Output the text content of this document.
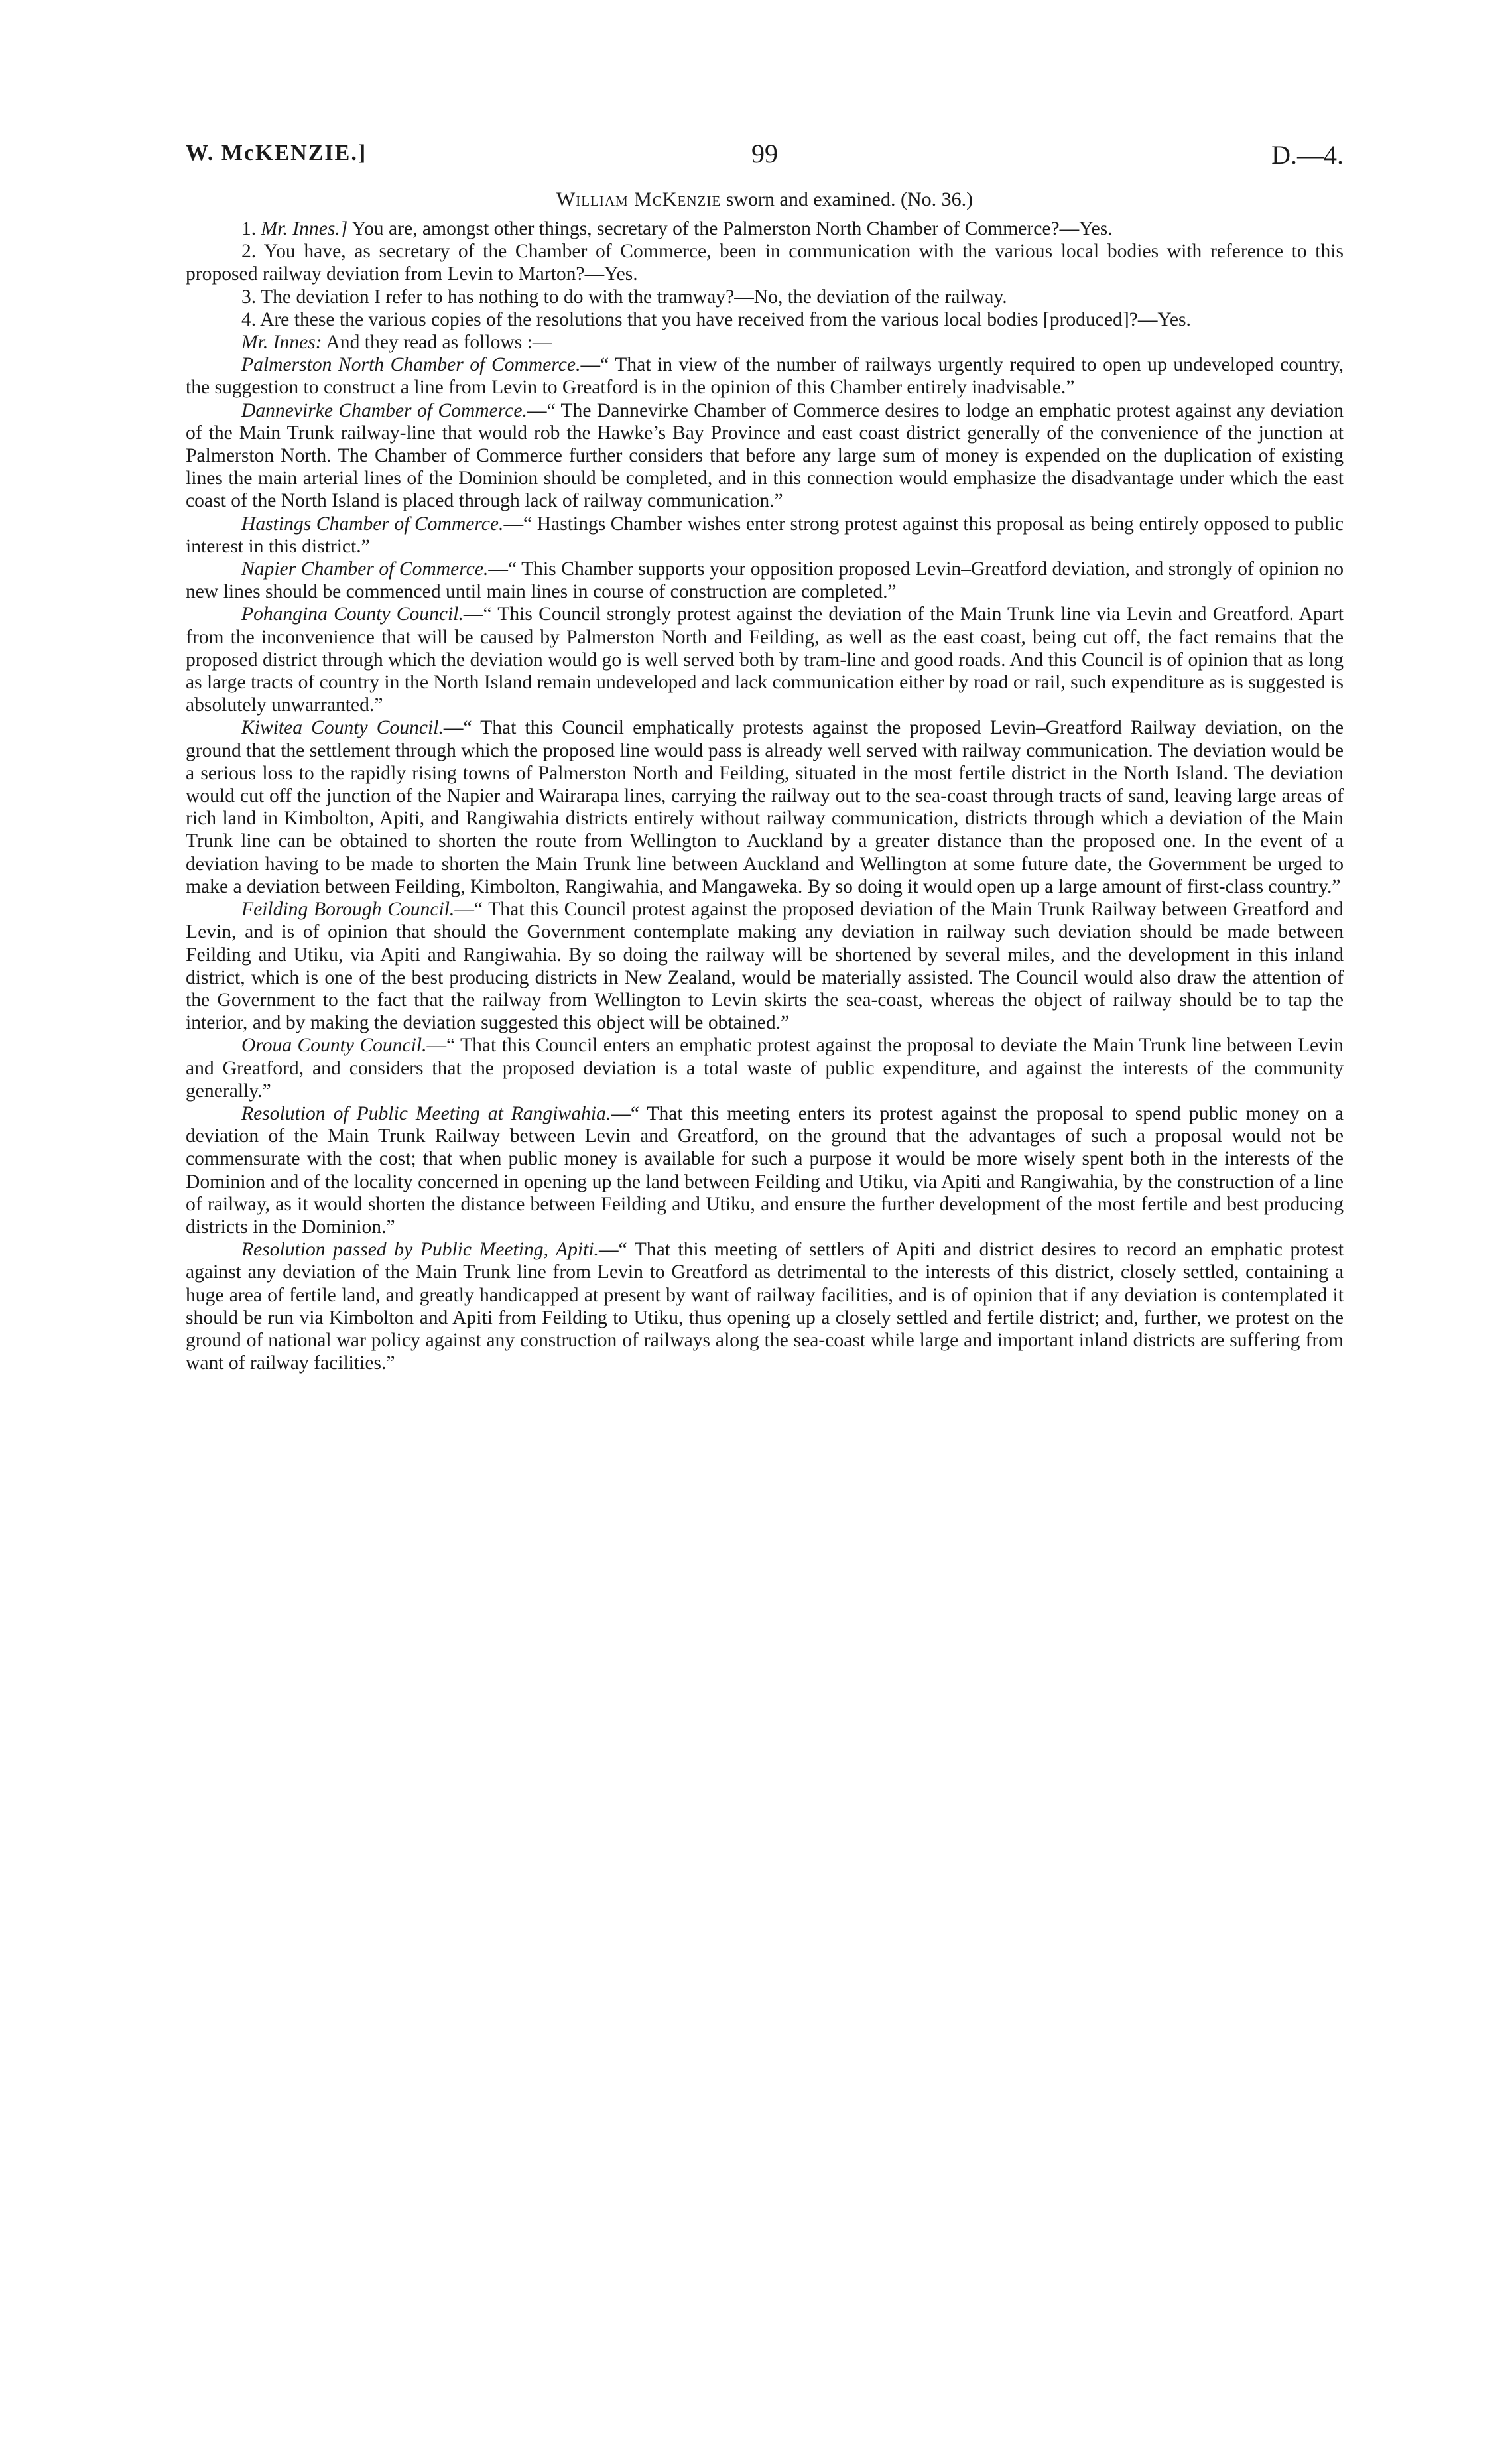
W. McKENZIE.]	99	D.—4.
William McKenzie sworn and examined. (No. 36.)

1. Mr. Innes.] You are, amongst other things, secretary of the Palmerston North Chamber of Commerce?—Yes.

2. You have, as secretary of the Chamber of Commerce, been in communication with the various local bodies with reference to this proposed railway deviation from Levin to Marton?—Yes.

3. The deviation I refer to has nothing to do with the tramway?—No, the deviation of the railway.

4. Are these the various copies of the resolutions that you have received from the various local bodies [produced]?—Yes.

Mr. Innes: And they read as follows :—

Palmerston North Chamber of Commerce.—“ That in view of the number of railways urgently required to open up undeveloped country, the suggestion to construct a line from Levin to Greatford is in the opinion of this Chamber entirely inadvisable.”

Dannevirke Chamber of Commerce.—“ The Dannevirke Chamber of Commerce desires to lodge an emphatic protest against any deviation of the Main Trunk railway-line that would rob the Hawke’s Bay Province and east coast district generally of the convenience of the junction at Palmerston North. The Chamber of Commerce further considers that before any large sum of money is expended on the duplication of existing lines the main arterial lines of the Dominion should be completed, and in this connection would emphasize the disadvantage under which the east coast of the North Island is placed through lack of railway communication.”

Hastings Chamber of Commerce.—“ Hastings Chamber wishes enter strong protest against this proposal as being entirely opposed to public interest in this district.”

Napier Chamber of Commerce.—“ This Chamber supports your opposition proposed Levin–Greatford deviation, and strongly of opinion no new lines should be commenced until main lines in course of construction are completed.”

Pohangina County Council.—“ This Council strongly protest against the deviation of the Main Trunk line via Levin and Greatford. Apart from the inconvenience that will be caused by Palmerston North and Feilding, as well as the east coast, being cut off, the fact remains that the proposed district through which the deviation would go is well served both by tram-line and good roads. And this Council is of opinion that as long as large tracts of country in the North Island remain undeveloped and lack communication either by road or rail, such expenditure as is suggested is absolutely unwarranted.”

Kiwitea County Council.—“ That this Council emphatically protests against the proposed Levin–Greatford Railway deviation, on the ground that the settlement through which the proposed line would pass is already well served with railway communication. The deviation would be a serious loss to the rapidly rising towns of Palmerston North and Feilding, situated in the most fertile district in the North Island. The deviation would cut off the junction of the Napier and Wairarapa lines, carrying the railway out to the sea-coast through tracts of sand, leaving large areas of rich land in Kimbolton, Apiti, and Rangiwahia districts entirely without railway communication, districts through which a deviation of the Main Trunk line can be obtained to shorten the route from Wellington to Auckland by a greater distance than the proposed one. In the event of a deviation having to be made to shorten the Main Trunk line between Auckland and Wellington at some future date, the Government be urged to make a deviation between Feilding, Kimbolton, Rangiwahia, and Mangaweka. By so doing it would open up a large amount of first-class country.”

Feilding Borough Council.—“ That this Council protest against the proposed deviation of the Main Trunk Railway between Greatford and Levin, and is of opinion that should the Government contemplate making any deviation in railway such deviation should be made between Feilding and Utiku, via Apiti and Rangiwahia. By so doing the railway will be shortened by several miles, and the development in this inland district, which is one of the best producing districts in New Zealand, would be materially assisted. The Council would also draw the attention of the Government to the fact that the railway from Wellington to Levin skirts the sea-coast, whereas the object of railway should be to tap the interior, and by making the deviation suggested this object will be obtained.”

Oroua County Council.—“ That this Council enters an emphatic protest against the proposal to deviate the Main Trunk line between Levin and Greatford, and considers that the proposed deviation is a total waste of public expenditure, and against the interests of the community generally.”

Resolution of Public Meeting at Rangiwahia.—“ That this meeting enters its protest against the proposal to spend public money on a deviation of the Main Trunk Railway between Levin and Greatford, on the ground that the advantages of such a proposal would not be commensurate with the cost; that when public money is available for such a purpose it would be more wisely spent both in the interests of the Dominion and of the locality concerned in opening up the land between Feilding and Utiku, via Apiti and Rangiwahia, by the construction of a line of railway, as it would shorten the distance between Feilding and Utiku, and ensure the further development of the most fertile and best producing districts in the Dominion.”

Resolution passed by Public Meeting, Apiti.—“ That this meeting of settlers of Apiti and district desires to record an emphatic protest against any deviation of the Main Trunk line from Levin to Greatford as detrimental to the interests of this district, closely settled, containing a huge area of fertile land, and greatly handicapped at present by want of railway facilities, and is of opinion that if any deviation is contemplated it should be run via Kimbolton and Apiti from Feilding to Utiku, thus opening up a closely settled and fertile district; and, further, we protest on the ground of national war policy against any construction of railways along the sea-coast while large and important inland districts are suffering from want of railway facilities.”
